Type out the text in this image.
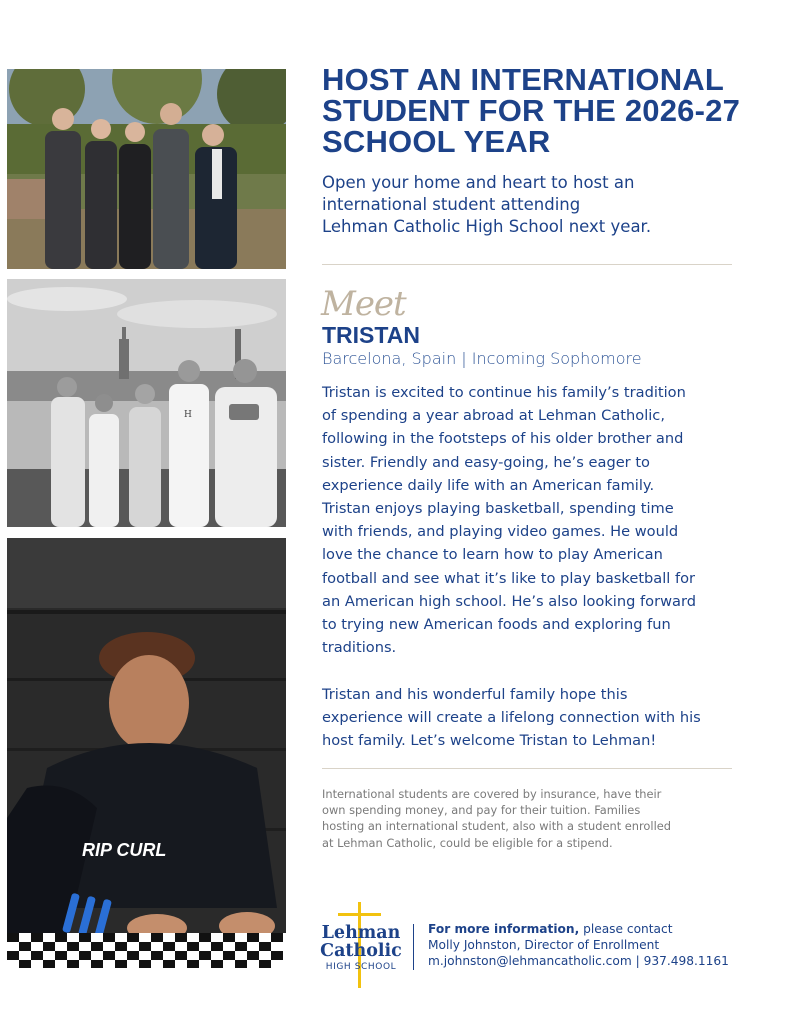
H
RIP CURL
HOST AN INTERNATIONAL
STUDENT FOR THE 2026-27
SCHOOL YEAR
Open your home and heart to host an
international student attending
Lehman Catholic High School next year.
Meet
TRISTAN
Barcelona, Spain | Incoming Sophomore
Tristan is excited to continue his family’s tradition
of spending a year abroad at Lehman Catholic,
following in the footsteps of his older brother and
sister. Friendly and easy-going, he’s eager to
experience daily life with an American family.
Tristan enjoys playing basketball, spending time
with friends, and playing video games. He would
love the chance to learn how to play American
football and see what it’s like to play basketball for
an American high school. He’s also looking forward
to trying new American foods and exploring fun
traditions.
Tristan and his wonderful family hope this
experience will create a lifelong connection with his
host family. Let’s welcome Tristan to Lehman!
International students are covered by insurance, have their
own spending money, and pay for their tuition. Families
hosting an international student, also with a student enrolled
at Lehman Catholic, could be eligible for a stipend.
Lehman
Catholic
HIGH SCHOOL
For more information, please contact
Molly Johnston, Director of Enrollment
m.johnston@lehmancatholic.com | 937.498.1161
